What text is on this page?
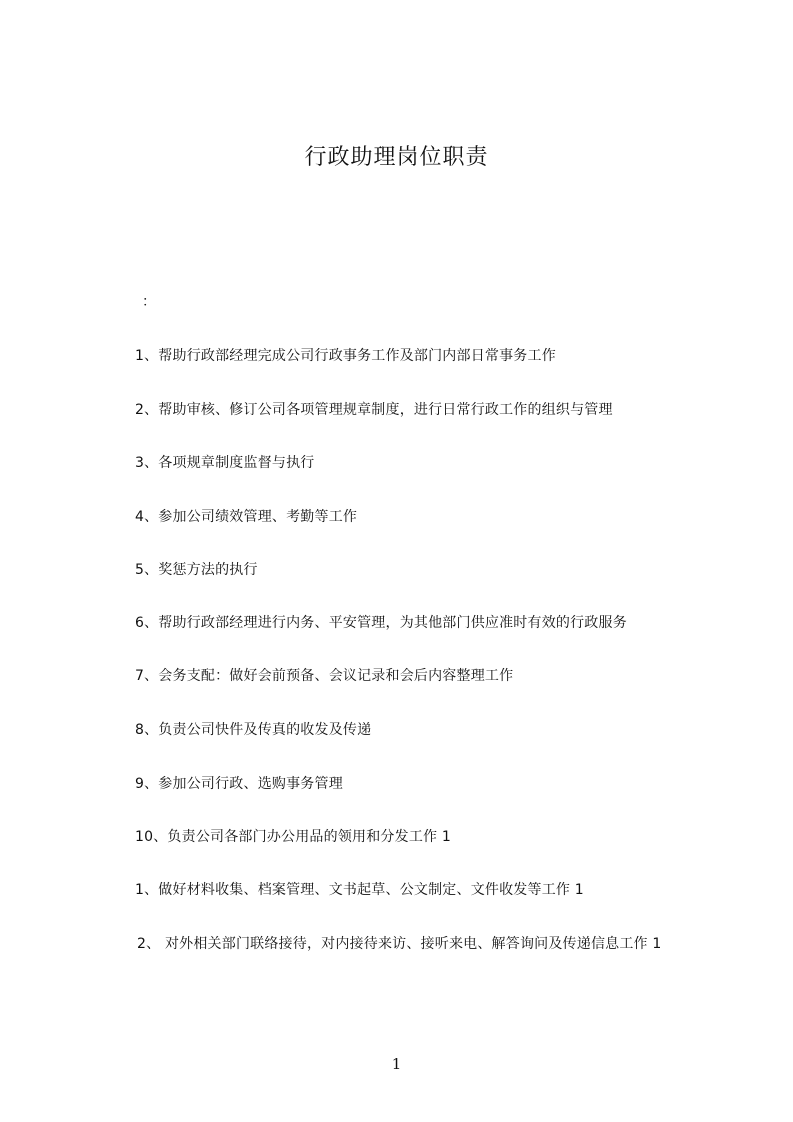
行政助理岗位职责
：
1、帮助行政部经理完成公司行政事务工作及部门内部日常事务工作
2、帮助审核、修订公司各项管理规章制度，进行日常行政工作的组织与管理
3、各项规章制度监督与执行
4、参加公司绩效管理、考勤等工作
5、奖惩方法的执行
6、帮助行政部经理进行内务、平安管理，为其他部门供应准时有效的行政服务
7、会务支配：做好会前预备、会议记录和会后内容整理工作
8、负责公司快件及传真的收发及传递
9、参加公司行政、选购事务管理
10、负责公司各部门办公用品的领用和分发工作 1
1、做好材料收集、档案管理、文书起草、公文制定、文件收发等工作 1
2、 对外相关部门联络接待，对内接待来访、接听来电、解答询问及传递信息工作 1
1
